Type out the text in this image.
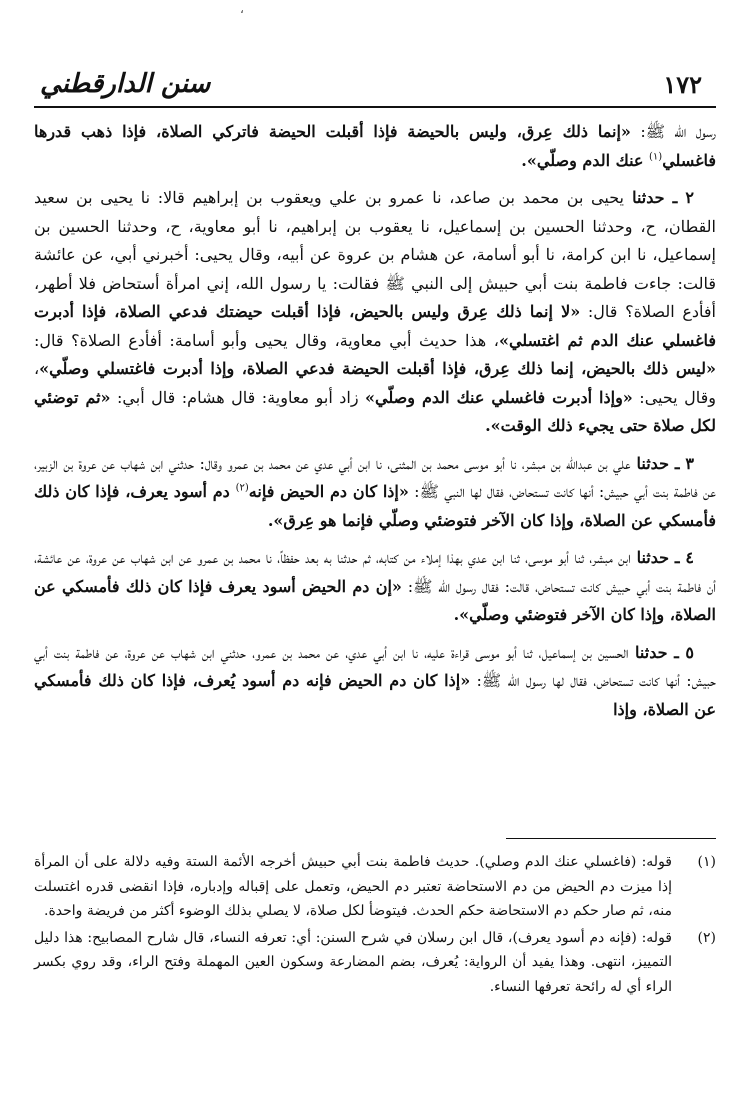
،
١٧٢
سنن الدارقطني

رسول الله ﷺ: «إنما ذلك عِرق، وليس بالحيضة فإذا أقبلت الحيضة فاتركي الصلاة، فإذا ذهب قدرها فاغسلي$^{(١)}$ عنك الدم وصلّي».

٢ ـ حدثنا يحيى بن محمد بن صاعد، نا عمرو بن علي ويعقوب بن إبراهيم قالا: نا يحيى بن سعيد القطان، ح، وحدثنا الحسين بن إسماعيل، نا يعقوب بن إبراهيم، نا أبو معاوية، ح، وحدثنا الحسين بن إسماعيل، نا ابن كرامة، نا أبو أسامة، عن هشام بن عروة عن أبيه، وقال يحيى: أخبرني أبي، عن عائشة قالت: جاءت فاطمة بنت أبي حبيش إلى النبي ﷺ فقالت: يا رسول الله، إني امرأة أستحاض فلا أطهر، أفأدع الصلاة؟ قال: «لا إنما ذلك عِرق وليس بالحيض، فإذا أقبلت حيضتك فدعي الصلاة، فإذا أدبرت فاغسلي عنك الدم ثم اغتسلي»، هذا حديث أبي معاوية، وقال يحيى وأبو أسامة: أفأدع الصلاة؟ قال: «ليس ذلك بالحيض، إنما ذلك عِرق، فإذا أقبلت الحيضة فدعي الصلاة، وإذا أدبرت فاغتسلي وصلّي»، وقال يحيى: «وإذا أدبرت فاغسلي عنك الدم وصلّي» زاد أبو معاوية: قال هشام: قال أبي: «ثم توضئي لكل صلاة حتى يجيء ذلك الوقت».

٣ ـ حدثنا علي بن عبدالله بن مبشر، نا أبو موسى محمد بن المثنى، نا ابن أبي عدي عن محمد بن عمرو وقال: حدثني ابن شهاب عن عروة بن الزبير، عن فاطمة بنت أبي حبيش: أنها كانت تستحاض، فقال لها النبي ﷺ: «إذا كان دم الحيض فإنه$^{(٢)}$ دم أسود يعرف، فإذا كان ذلك فأمسكي عن الصلاة، وإذا كان الآخر فتوضئي وصلّي فإنما هو عِرق».

٤ ـ حدثنا ابن مبشر، ثنا أبو موسى، ثنا ابن عدي بهذا إملاء من كتابه، ثم حدثنا به بعد حفظاً، نا محمد بن عمرو عن ابن شهاب عن عروة، عن عائشة، أن فاطمة بنت أبي حبيش كانت تستحاض، قالت: فقال رسول الله ﷺ: «إن دم الحيض أسود يعرف فإذا كان ذلك فأمسكي عن الصلاة، وإذا كان الآخر فتوضئي وصلّي».

٥ ـ حدثنا الحسين بن إسماعيل، ثنا أبو موسى قراءة عليه، نا ابن أبي عدي، عن محمد بن عمرو، حدثني ابن شهاب عن عروة، عن فاطمة بنت أبي حبيش: أنها كانت تستحاض، فقال لها رسول الله ﷺ: «إذا كان دم الحيض فإنه دم أسود يُعرف، فإذا كان ذلك فأمسكي عن الصلاة، وإذا

(١)
قوله: (فاغسلي عنك الدم وصلي). حديث فاطمة بنت أبي حبيش أخرجه الأئمة الستة وفيه دلالة على أن المرأة إذا ميزت دم الحيض من دم الاستحاضة تعتبر دم الحيض، وتعمل على إقباله وإدباره، فإذا انقضى قدره اغتسلت منه، ثم صار حكم دم الاستحاضة حكم الحدث. فيتوضأ لكل صلاة، لا يصلي بذلك الوضوء أكثر من فريضة واحدة.
(٢)
قوله: (فإنه دم أسود يعرف)، قال ابن رسلان في شرح السنن: أي: تعرفه النساء، قال شارح المصابيح: هذا دليل التمييز، انتهى. وهذا يفيد أن الرواية: يُعرف، بضم المضارعة وسكون العين المهملة وفتح الراء، وقد روي بكسر الراء أي له رائحة تعرفها النساء.
